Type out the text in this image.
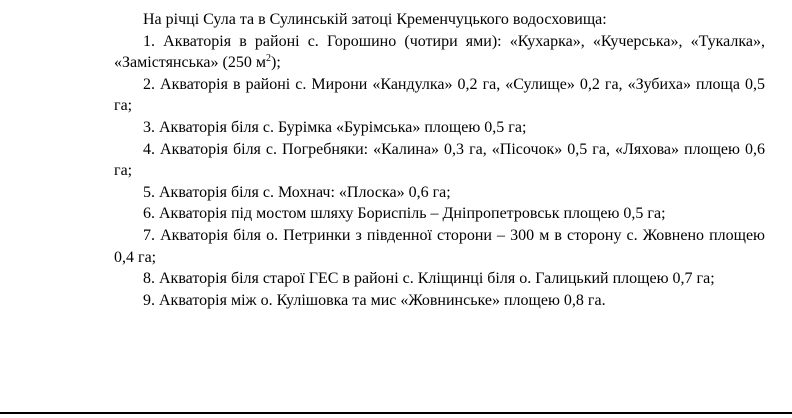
На річці Сула та в Сулинській затоці Кременчуцького водосховища:

1. Акваторія в районі с. Горошино (чотири ями): «Кухарка», «Кучерська», «Тукалка», «Замістянська» (250 $м^2$);

2. Акваторія в районі с. Мирони «Кандулка» 0,2 га, «Сулище» 0,2 га, «Зубиха» площа 0,5 га;

3. Акваторія біля с. Бурімка «Бурімська» площею 0,5 га;

4. Акваторія біля с. Погребняки: «Калина» 0,3 га, «Пісочок» 0,5 га, «Ляхова» площею 0,6 га;

5. Акваторія біля с. Мохнач: «Плоска» 0,6 га;

6. Акваторія під мостом шляху Бориспіль – Дніпропетровськ площею 0,5 га;

7. Акваторія біля о. Петринки з південної сторони – 300 м в сторону с. Жовнено площею 0,4 га;

8. Акваторія біля старої ГЕС в районі с. Кліщинці біля о. Галицький площею 0,7 га;

9. Акваторія між о. Кулішовка та мис «Жовнинське» площею 0,8 га.
